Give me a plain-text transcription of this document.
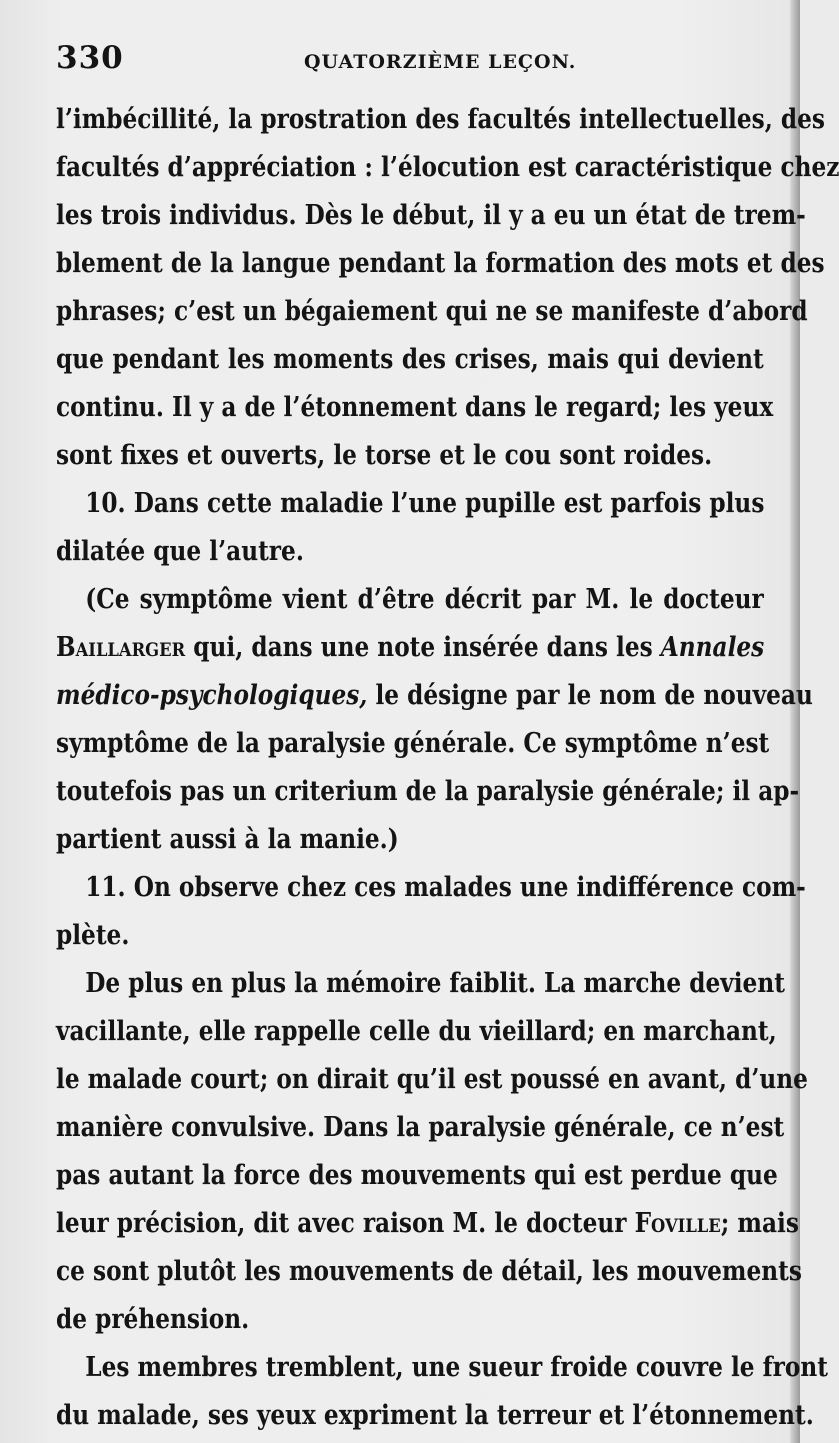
330	QUATORZIÈME LEÇON.
l’imbécillité, la prostration des facultés intellectuelles, des
facultés d’appréciation : l’élocution est caractéristique chez
les trois individus. Dès le début, il y a eu un état de trem-
blement de la langue pendant la formation des mots et des
phrases; c’est un bégaiement qui ne se manifeste d’abord
que pendant les moments des crises, mais qui devient
continu. Il y a de l’étonnement dans le regard; les yeux
sont fixes et ouverts, le torse et le cou sont roides.
10. Dans cette maladie l’une pupille est parfois plus
dilatée que l’autre.
(Ce symptôme vient d’être décrit par M. le docteur
Baillarger qui, dans une note insérée dans les Annales
médico-psychologiques, le désigne par le nom de nouveau
symptôme de la paralysie générale. Ce symptôme n’est
toutefois pas un criterium de la paralysie générale; il ap-
partient aussi à la manie.)
11. On observe chez ces malades une indifférence com-
plète.
De plus en plus la mémoire faiblit. La marche devient
vacillante, elle rappelle celle du vieillard; en marchant,
le malade court; on dirait qu’il est poussé en avant, d’une
manière convulsive. Dans la paralysie générale, ce n’est
pas autant la force des mouvements qui est perdue que
leur précision, dit avec raison M. le docteur Foville; mais
ce sont plutôt les mouvements de détail, les mouvements
de préhension.
Les membres tremblent, une sueur froide couvre le front
du malade, ses yeux expriment la terreur et l’étonnement.
